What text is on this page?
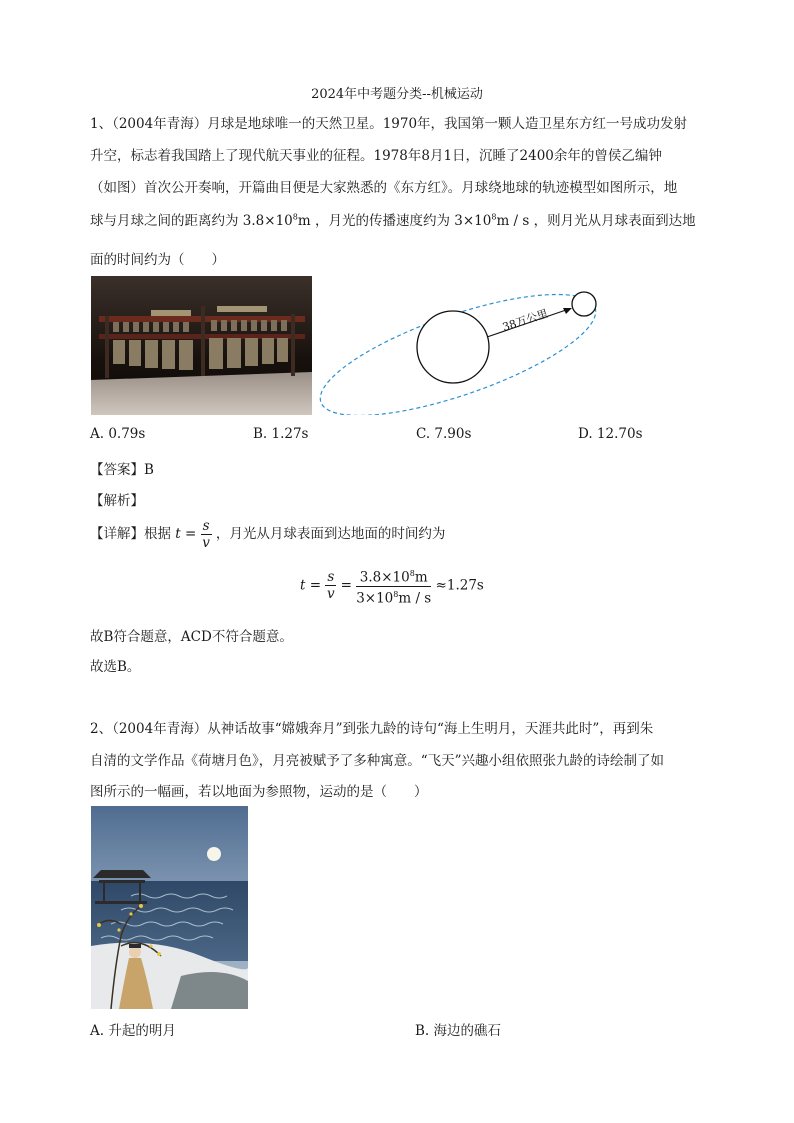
2024年中考题分类--机械运动
1、（2004年青海）月球是地球唯一的天然卫星。1970年，我国第一颗人造卫星东方红一号成功发射
升空，标志着我国踏上了现代航天事业的征程。1978年8月1日，沉睡了2400余年的曾侯乙编钟
（如图）首次公开奏响，开篇曲目便是大家熟悉的《东方红》。月球绕地球的轨迹模型如图所示，地
球与月球之间的距离约为 $3.8\times 10^8m$ ，月光的传播速度约为 $3\times 10^8m / s$ ，则月光从月球表面到达地
面的时间约为（　　）
38万公里
A. 0.79s	B. 1.27s	C. 7.90s	D. 12.70s
【答案】B
【解析】
【详解】根据 $t = \frac{s}{v}$ ，月光从月球表面到达地面的时间约为
$t = \frac{s}{v} = \frac{3.8\times 10^8m}{3\times 10^8m / s} \approx 1.27s$
故B符合题意，ACD不符合题意。
故选B。
2、（2004年青海）从神话故事“嫦娥奔月”到张九龄的诗句“海上生明月，天涯共此时”，再到朱
自清的文学作品《荷塘月色》，月亮被赋予了多种寓意。“飞天”兴趣小组依照张九龄的诗绘制了如
图所示的一幅画，若以地面为参照物，运动的是（　　）
A. 升起的明月	B. 海边的礁石
